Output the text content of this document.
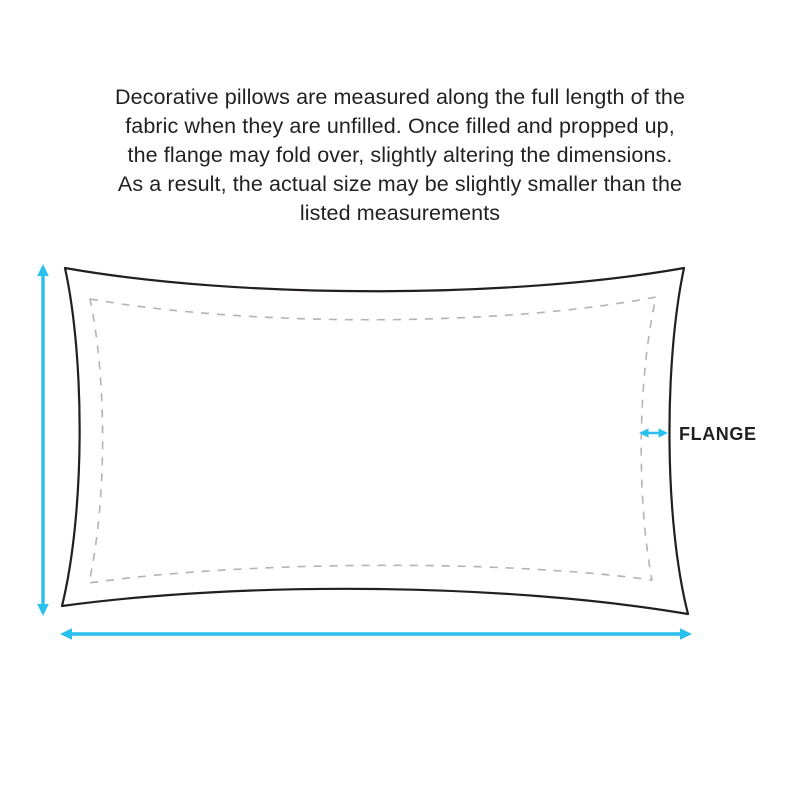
Decorative pillows are measured along the full length of the
fabric when they are unfilled. Once filled and propped up,
the flange may fold over, slightly altering the dimensions.
As a result, the actual size may be slightly smaller than the
listed measurements
FLANGE
